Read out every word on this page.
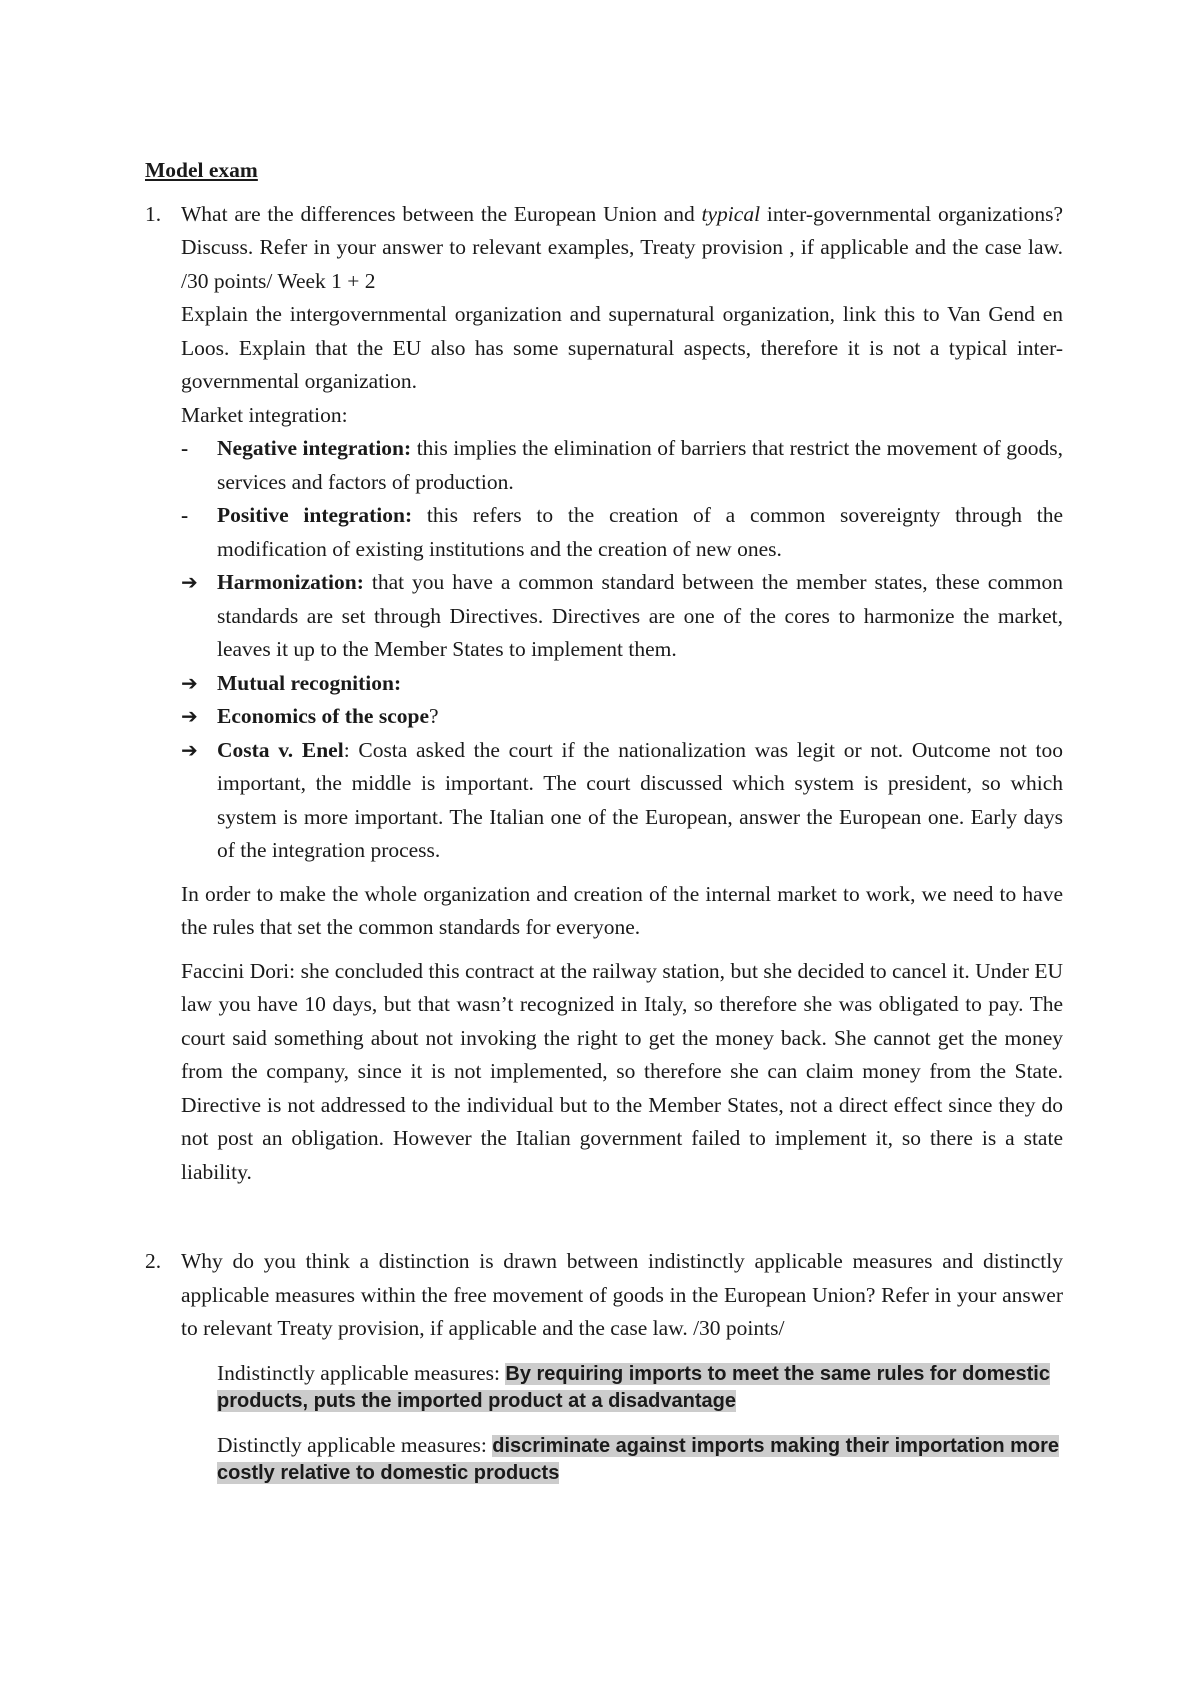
Model exam
1. What are the differences between the European Union and typical inter-governmental organizations? Discuss. Refer in your answer to relevant examples, Treaty provision , if applicable and the case law. /30 points/ Week 1 + 2

Explain the intergovernmental organization and supernatural organization, link this to Van Gend en Loos. Explain that the EU also has some supernatural aspects, therefore it is not a typical inter-governmental organization.

Market integration:

-	Negative integration: this implies the elimination of barriers that restrict the movement of goods, services and factors of production.
-	Positive integration: this refers to the creation of a common sovereignty through the modification of existing institutions and the creation of new ones.
➔ Harmonization: that you have a common standard between the member states, these common standards are set through Directives. Directives are one of the cores to harmonize the market, leaves it up to the Member States to implement them.
➔ Mutual recognition:
➔ Economics of the scope?
➔ Costa v. Enel: Costa asked the court if the nationalization was legit or not. Outcome not too important, the middle is important. The court discussed which system is president, so which system is more important. The Italian one of the European, answer the European one. Early days of the integration process.

In order to make the whole organization and creation of the internal market to work, we need to have the rules that set the common standards for everyone.

Faccini Dori: she concluded this contract at the railway station, but she decided to cancel it. Under EU law you have 10 days, but that wasn’t recognized in Italy, so therefore she was obligated to pay. The court said something about not invoking the right to get the money back. She cannot get the money from the company, since it is not implemented, so therefore she can claim money from the State. Directive is not addressed to the individual but to the Member States, not a direct effect since they do not post an obligation. However the Italian government failed to implement it, so there is a state liability.

2. Why do you think a distinction is drawn between indistinctly applicable measures and distinctly applicable measures within the free movement of goods in the European Union? Refer in your answer to relevant Treaty provision, if applicable and the case law. /30 points/

Indistinctly applicable measures: By requiring imports to meet the same rules for domestic products, puts the imported product at a disadvantage
Distinctly applicable measures: discriminate against imports making their importation more costly relative to domestic products
